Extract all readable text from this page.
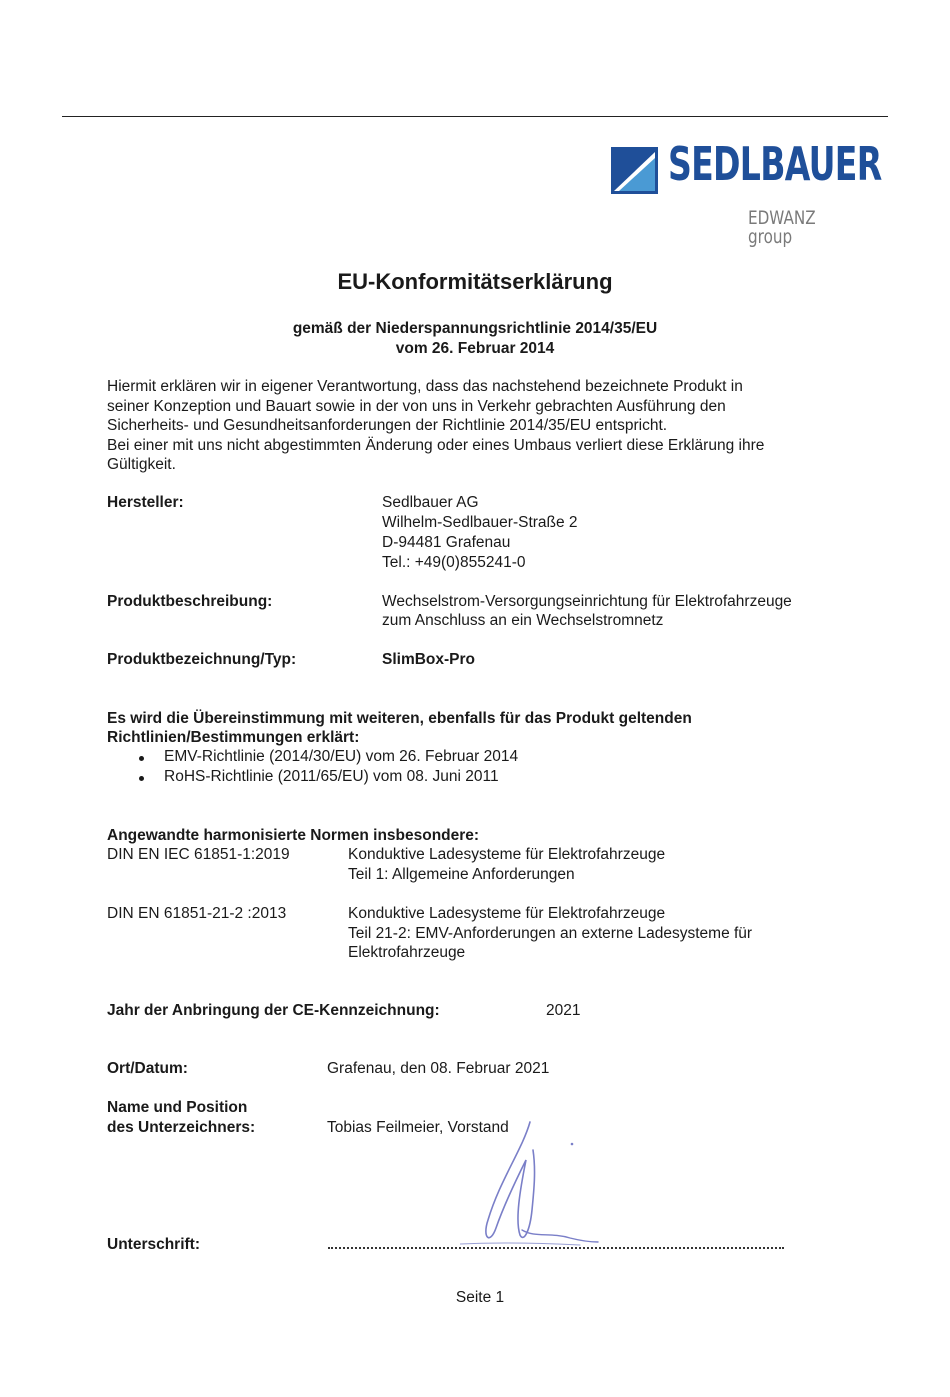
SEDLBAUER
EDWANZ group
EU-Konformitätserklärung
gemäß der Niederspannungsrichtlinie 2014/35/EU
vom 26. Februar 2014
Hiermit erklären wir in eigener Verantwortung, dass das nachstehend bezeichnete Produkt in
seiner Konzeption und Bauart sowie in der von uns in Verkehr gebrachten Ausführung den
Sicherheits- und Gesundheitsanforderungen der Richtlinie 2014/35/EU entspricht.
Bei einer mit uns nicht abgestimmten Änderung oder eines Umbaus verliert diese Erklärung ihre
Gültigkeit.
Hersteller:	Sedlbauer AG
Wilhelm-Sedlbauer-Straße 2
D-94481 Grafenau
Tel.: +49(0)855241-0
Produktbeschreibung:	Wechselstrom-Versorgungseinrichtung für Elektrofahrzeuge
zum Anschluss an ein Wechselstromnetz
Produktbezeichnung/Typ:	SlimBox-Pro
Es wird die Übereinstimmung mit weiteren, ebenfalls für das Produkt geltenden
Richtlinien/Bestimmungen erklärt:
EMV-Richtlinie (2014/30/EU) vom 26. Februar 2014
RoHS-Richtlinie (2011/65/EU) vom 08. Juni 2011
Angewandte harmonisierte Normen insbesondere:
DIN EN IEC 61851-1:2019	Konduktive Ladesysteme für Elektrofahrzeuge
Teil 1: Allgemeine Anforderungen
DIN EN 61851-21-2 :2013	Konduktive Ladesysteme für Elektrofahrzeuge
Teil 21-2: EMV-Anforderungen an externe Ladesysteme für
Elektrofahrzeuge
Jahr der Anbringung der CE-Kennzeichnung:	2021
Ort/Datum:	Grafenau, den 08. Februar 2021
Name und Position
des Unterzeichners:	Tobias Feilmeier, Vorstand
Unterschrift:
Seite 1
